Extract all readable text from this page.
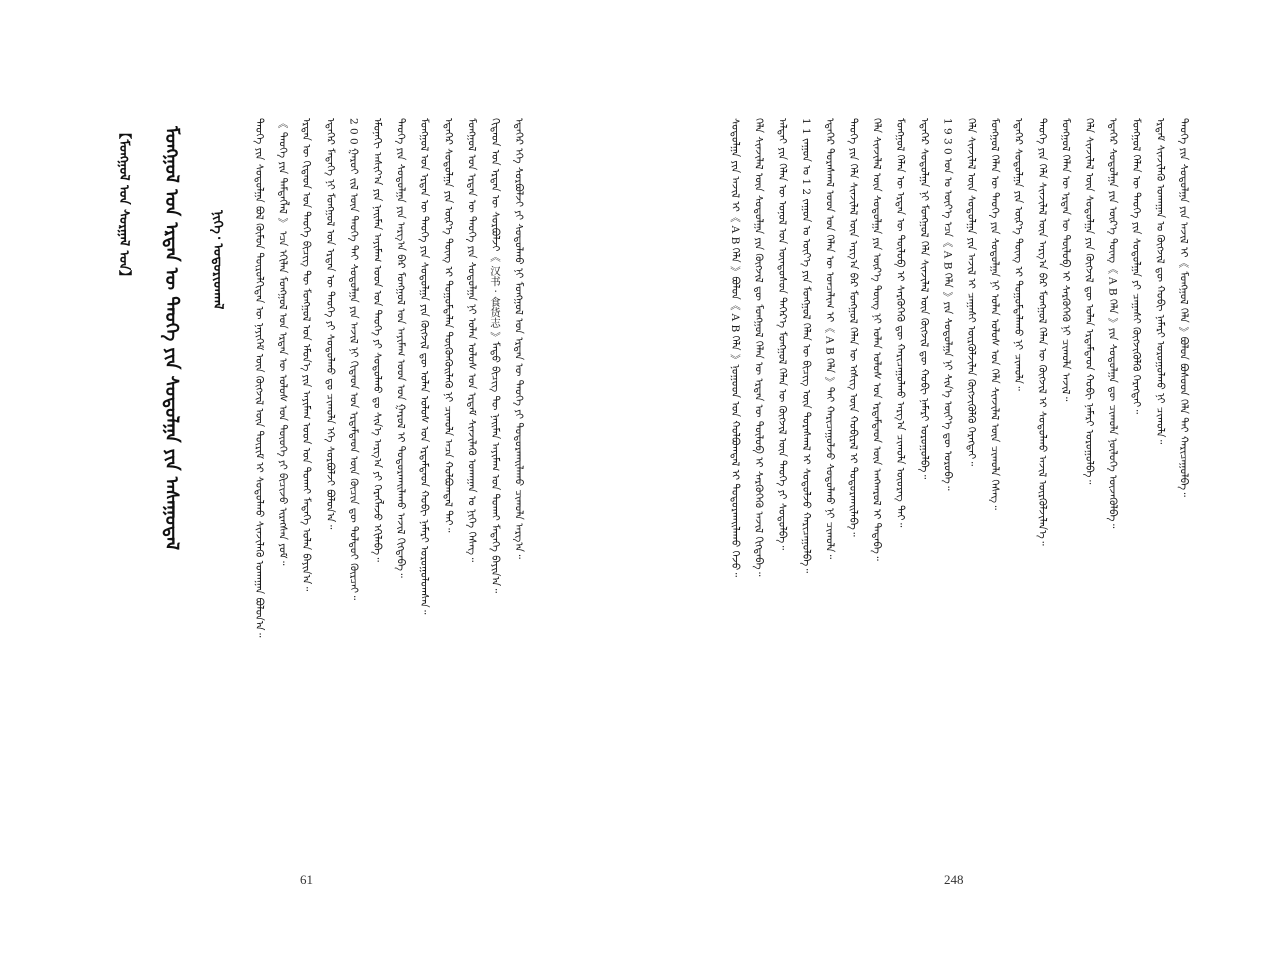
【ᠮᠣᠩᠭᠣᠯ ᠤᠨ ᠰᠤᠷᠭᠠᠯ ᠤᠨ】 ᠮᠣᠩᠭᠣᠯ ᠤᠨ ᠡᠷᠲᠡᠨ ᠦ ᠲᠡᠦᠬᠡ ᠶᠢᠨ ᠰᠤᠳᠤᠯᠭᠠ ᠶᠢᠨ ᠠᠰᠠᠭᠤᠳᠠᠯ	ᠨᠢᠭᠡ᠂ ᠤᠳᠤᠷᠢᠳᠬᠠᠯ	ᠲᠡᠦᠬᠡ ᠶᠢᠨ ᠰᠤᠳᠤᠯᠭᠠ ᠪᠣᠯ ᠬᠦᠮᠦᠨ ᠲᠥᠷᠦᠯᠬᠢᠲᠡᠨ ᠦ ᠨᠡᠶᠢᠭᠡᠮ ᠦᠨ ᠬᠥᠭᠵᠢᠯ ᠦᠨ ᠳᠦᠷᠢᠮ ᠢ ᠰᠤᠳᠤᠯᠬᠤ ᠰᠢᠨᠵᠢᠯᠡᠬᠦ ᠤᠬᠠᠭᠠᠨ ᠪᠣᠯᠤᠨ᠎ᠠ᠃ 《 ᠲᠡᠦᠬᠡ ᠶᠢᠨ ᠲᠡᠮᠳᠡᠭᠯᠡᠯ 》 ᠡᠴᠡ ᠡᠬᠢᠯᠡᠨ ᠮᠣᠩᠭᠣᠯ ᠤᠨ ᠡᠷᠲᠡᠨ ᠦ ᠤᠯᠤᠰ ᠤᠨ ᠲᠦᠦᠬᠡ ᠶᠢ ᠪᠢᠴᠢᠵᠦ ᠢᠷᠡᠭᠰᠡᠨ ᠶᠤᠮ᠃ ᠡᠷᠲᠡᠨ ᠦ ᠬᠢᠲᠠᠳ ᠤᠨ ᠲᠡᠦᠬᠡ ᠪᠢᠴᠢᠭ ᠲᠦ ᠮᠣᠩᠭᠣᠯ ᠤᠨ ᠡᠮᠦᠨ᠎ᠡ ᠶᠢᠨ ᠠᠶᠢᠮᠠᠭ ᠤᠳ ᠤᠨ ᠲᠤᠬᠠᠢ ᠮᠡᠳᠡᠭᠡ ᠣᠯᠠᠨ ᠪᠠᠶᠢᠨ᠎ᠠ᠃ ᠡᠳᠡᠭᠡᠷ ᠮᠡᠳᠡᠭᠡ ᠨᠢ ᠮᠣᠩᠭᠣᠯ ᠤᠨ ᠡᠷᠲᠡᠨ ᠦ ᠲᠡᠦᠬᠡ ᠶᠢ ᠰᠤᠳᠤᠯᠬᠤ ᠳᠤ ᠴᠢᠬᠤᠯᠠ ᠡᠬᠡ ᠰᠤᠷᠪᠤᠯᠵᠢ ᠪᠣᠯᠤᠨ᠎ᠠ᠃ 2 0 0 ᠭᠠᠷᠤᠢ ᠵᠢᠯ ᠦᠨ ᠲᠡᠦᠬᠡ ᠲᠡᠢ ᠰᠤᠳᠤᠯᠭᠠ ᠶᠢᠨ ᠠᠵᠢᠯ ᠨᠢ ᠬᠢᠲᠠᠳ ᠤᠨ ᠡᠷᠳᠡᠮᠲᠡᠳ ᠦᠨ ᠬᠦᠴᠢᠨ ᠳᠦ ᠳᠤᠯᠳᠤᠢ ᠬᠦᠷᠴᠡᠢ᠃ ᠡᠮᠦᠨᠡᠬᠢ ᠠᠰᠢᠶ᠎ᠠ ᠶᠢᠨ ᠨᠠᠢᠮᠠᠨ ᠠᠶᠢᠮᠠᠭ ᠤᠳ ᠤᠨ ᠲᠡᠦᠬᠡ ᠶᠢ ᠰᠤᠳᠤᠯᠬᠤ ᠳᠤ ᠰᠢᠨ᠎ᠡ ᠠᠷᠭ᠎ᠠ ᠶᠢ ᠬᠡᠷᠡᠭᠯᠡᠵᠦ ᠡᠬᠢᠯᠡᠪᠡ᠃ ᠲᠡᠦᠬᠡ ᠶᠢᠨ ᠰᠤᠳᠤᠯᠭᠠ ᠶᠢᠨ ᠠᠷᠭ᠎ᠠ ᠪᠠᠷ ᠮᠣᠩᠭᠣᠯ ᠤᠨ ᠠᠶᠢᠮᠠᠭ ᠤᠳ ᠤᠨ ᠭᠠᠷᠤᠯ ᠢ ᠲᠣᠳᠤᠷᠬᠠᠢᠯᠠᠬᠤ ᠠᠵᠢᠯ ᠬᠢᠭᠳᠡᠪᠡ᠃ ᠮᠣᠩᠭᠣᠯ ᠤᠨ ᠡᠷᠲᠡᠨ ᠦ ᠲᠡᠦᠬᠡ ᠶᠢᠨ ᠰᠤᠳᠤᠯᠭᠠ ᠶᠢᠨ ᠬᠥᠭᠵᠢᠯ ᠳᠦ ᠣᠯᠠᠨ ᠤᠯᠤᠰ ᠤᠨ ᠡᠷᠳᠡᠮᠲᠡᠳ ᠬᠤᠪᠢ ᠨᠡᠮᠡᠷᠢ ᠣᠷᠤᠭᠤᠯᠤᠭᠰᠠᠨ᠃ ᠡᠳᠡᠭᠡᠷ ᠰᠤᠳᠤᠯᠭᠠ ᠶᠢᠨ ᠦᠷ᠎ᠡ ᠳᠦᠩ ᠢ ᠲᠣᠭᠤᠮᠳᠠᠯᠠᠨ ᠳᠦᠭᠦᠨᠭᠦᠢᠯᠡᠬᠦ ᠨᠢ ᠴᠢᠬᠤᠯᠠ ᠠᠴᠠ ᠬᠣᠯᠪᠣᠭᠳᠠᠯ ᠲᠠᠢ᠃ ᠮᠣᠩᠭᠣᠯ ᠤᠨ ᠡᠷᠲᠡᠨ ᠦ ᠲᠡᠦᠬᠡ ᠶᠢᠨ ᠰᠤᠳᠤᠯᠭᠠ ᠨᠢ ᠣᠯᠠᠨ ᠤᠯᠤᠰ ᠤᠨ ᠡᠷᠳᠡᠮ ᠰᠢᠨᠵᠢᠯᠡᠬᠦ ᠤᠬᠠᠭᠠᠨ ᠤ ᠨᠢᠭᠡ ᠬᠡᠰᠡᠭ᠃ ᠬᠢᠲᠠᠳ ᠤᠨ ᠡᠷᠲᠡᠨ ᠦ ᠰᠤᠷᠪᠤᠯᠵᠢ《 汉书 · 食货志 》ᠮᠡᠲᠦ ᠪᠢᠴᠢᠭ ᠲᠦ ᠨᠠᠢᠮᠠᠨ ᠠᠶᠢᠮᠠᠭ ᠤᠨ ᠲᠤᠬᠠᠢ ᠮᠡᠳᠡᠭᠡ ᠪᠠᠶᠢᠨ᠎ᠠ᠃ ᠡᠳᠡᠭᠡᠷ ᠡᠬᠡ ᠰᠤᠷᠪᠤᠯᠵᠢ ᠶᠢ ᠰᠤᠳᠤᠯᠬᠤ ᠨᠢ ᠮᠣᠩᠭᠣᠯ ᠤᠨ ᠡᠷᠲᠡᠨ ᠦ ᠲᠡᠦᠬᠡ ᠶᠢ ᠲᠣᠳᠤᠷᠬᠠᠢᠯᠠᠬᠤ ᠴᠢᠬᠤᠯᠠ ᠠᠷᠭ᠎ᠠ᠃
61
ᠰᠤᠳᠤᠯᠭᠠ ᠶᠢᠨ ᠠᠵᠢᠯ ᠢ《 A B ᠬᠡᠯᠡ 》ᠪᠣᠯᠤᠨ《 A B ᠬᠡᠯᠡ 》ᠨᠤᠭᠤᠳ ᠤᠨ ᠬᠣᠯᠪᠣᠭᠳᠠᠯ ᠢ ᠲᠣᠳᠤᠷᠬᠠᠢᠯᠠᠬᠤ ᠭᠡᠵᠦ᠃ ᠬᠡᠯᠡ ᠰᠢᠨᠵᠢᠯᠡᠯ ᠦᠨ ᠰᠤᠳᠤᠯᠭᠠ ᠶᠢᠨ ᠬᠥᠭᠵᠢᠯ ᠳᠦ ᠮᠣᠩᠭᠣᠯ ᠬᠡᠯᠡᠨ ᠦ ᠡᠷᠲᠡᠨ ᠦ ᠲᠥᠯᠦᠪ ᠢ ᠰᠡᠷᠭᠦᠭᠡᠬᠦ ᠠᠵᠢᠯ ᠬᠢᠭᠳᠡᠪᠡ᠃ ᠠᠯᠲᠠᠢ ᠶᠢᠨ ᠬᠡᠯᠡᠨ ᠦ ᠣᠨᠣᠯ ᠤᠨ ᠦᠨᠳᠦᠰᠦᠨ ᠳᠡᠭᠡᠷ᠎ᠡ ᠮᠣᠩᠭᠣᠯ ᠬᠡᠯᠡᠨ ᠦ ᠬᠥᠭᠵᠢᠯ ᠦᠨ ᠲᠡᠦᠬᠡ ᠶᠢ ᠰᠤᠳᠤᠯᠪᠠ᠃ 1 1 ᠵᠠᠭᠤᠨ ᠤ 1 2 ᠵᠠᠭᠤᠨ ᠤ ᠦᠶ᠎ᠡ ᠶᠢᠨ ᠮᠣᠩᠭᠣᠯ ᠬᠡᠯᠡᠨ ᠦ ᠪᠢᠴᠢᠭ ᠦᠨ ᠳᠤᠷᠠᠰᠬᠠᠯ ᠢ ᠰᠤᠳᠤᠯᠵᠤ ᠬᠠᠷᠢᠴᠠᠭᠤᠯᠪᠠ᠃ ᠡᠳᠡᠭᠡᠷ ᠳᠤᠷᠠᠰᠬᠠᠯ ᠤᠳ ᠤᠨ ᠬᠡᠯᠡᠨ ᠦ ᠣᠨᠴᠠᠯᠢᠭ ᠢ《 A B ᠬᠡᠯᠡ 》ᠲᠡᠢ ᠬᠠᠷᠢᠴᠠᠭᠤᠯᠵᠤ ᠰᠤᠳᠤᠯᠬᠤ ᠨᠢ ᠴᠢᠬᠤᠯᠠ᠃ ᠲᠡᠦᠬᠡ ᠶᠢᠨ ᠬᠡᠯᠡ ᠰᠢᠨᠵᠢᠯᠡᠯ ᠦᠨ ᠠᠷᠭ᠎ᠠ ᠪᠠᠷ ᠮᠣᠩᠭᠣᠯ ᠬᠡᠯᠡᠨ ᠦ ᠡᠭᠰᠢᠭ ᠦᠨ ᠬᠤᠪᠢᠷᠠᠯ ᠢ ᠲᠣᠳᠤᠷᠬᠠᠢᠯᠠᠪᠠ᠃ ᠬᠡᠯᠡ ᠰᠢᠨᠵᠢᠯᠡᠯ ᠦᠨ ᠰᠤᠳᠤᠯᠭᠠ ᠶᠢᠨ ᠦᠷ᠎ᠡ ᠳᠦᠩ ᠨᠢ ᠣᠯᠠᠨ ᠤᠯᠤᠰ ᠤᠨ ᠡᠷᠳᠡᠮᠲᠡᠳ ᠦᠨ ᠠᠩᠬᠠᠷᠤᠯ ᠢ ᠲᠠᠲᠠᠪᠠ᠃ ᠮᠣᠩᠭᠣᠯ ᠬᠡᠯᠡᠨ ᠦ ᠡᠷᠲᠡᠨ ᠦ ᠲᠥᠯᠦᠪ ᠢ ᠰᠡᠷᠭᠦᠭᠡᠬᠦ ᠳᠦ ᠬᠠᠷᠢᠴᠠᠭᠤᠯᠬᠤ ᠠᠷᠭ᠎ᠠ ᠴᠢᠬᠤᠯᠠ ᠦᠦᠷᠡᠭ ᠲᠠᠢ᠃ ᠡᠳᠡᠭᠡᠷ ᠰᠤᠳᠤᠯᠭᠠ ᠨᠢ ᠮᠣᠩᠭᠣᠯ ᠬᠡᠯᠡ ᠰᠢᠨᠵᠢᠯᠡᠯ ᠦᠨ ᠬᠥᠭᠵᠢᠯ ᠳᠦ ᠬᠤᠪᠢ ᠨᠡᠮᠡᠷᠢ ᠣᠷᠤᠭᠤᠯᠪᠠ᠃ 1 9 3 0 ᠣᠨ ᠤ ᠦᠶ᠎ᠡ ᠡᠴᠡ《 A B ᠬᠡᠯᠡ 》ᠶᠢᠨ ᠰᠤᠳᠤᠯᠭᠠ ᠨᠢ ᠰᠢᠨ᠎ᠡ ᠦᠶ᠎ᠡ ᠳᠦ ᠣᠷᠤᠪᠠ᠃ ᠬᠡᠯᠡ ᠰᠢᠨᠵᠢᠯᠡᠯ ᠦᠨ ᠰᠤᠳᠤᠯᠭᠠ ᠶᠢᠨ ᠠᠵᠢᠯ ᠢ ᠴᠠᠭᠠᠰᠢ ᠦᠷᠭᠦᠯᠵᠢᠯᠡᠨ ᠬᠥᠭᠵᠢᠭᠦᠯᠬᠦ ᠬᠡᠷᠡᠭᠲᠡᠢ᠃ ᠮᠣᠩᠭᠣᠯ ᠬᠡᠯᠡᠨ ᠦ ᠲᠡᠦᠬᠡ ᠶᠢᠨ ᠰᠤᠳᠤᠯᠭᠠ ᠨᠢ ᠣᠯᠠᠨ ᠤᠯᠤᠰ ᠤᠨ ᠬᠡᠯᠡ ᠰᠢᠨᠵᠢᠯᠡᠯ ᠦᠨ ᠴᠢᠬᠤᠯᠠ ᠬᠡᠰᠡᠭ᠃ ᠡᠳᠡᠭᠡᠷ ᠰᠤᠳᠤᠯᠭᠠ ᠶᠢᠨ ᠦᠷ᠎ᠡ ᠳᠦᠩ ᠢ ᠲᠣᠭᠤᠮᠳᠠᠯᠠᠬᠤ ᠨᠢ ᠴᠢᠬᠤᠯᠠ᠃ ᠲᠡᠦᠬᠡ ᠶᠢᠨ ᠬᠡᠯᠡ ᠰᠢᠨᠵᠢᠯᠡᠯ ᠦᠨ ᠠᠷᠭ᠎ᠠ ᠪᠠᠷ ᠮᠣᠩᠭᠣᠯ ᠬᠡᠯᠡᠨ ᠦ ᠬᠥᠭᠵᠢᠯ ᠢ ᠰᠤᠳᠤᠯᠬᠤ ᠠᠵᠢᠯ ᠦᠷᠭᠦᠯᠵᠢᠯᠡᠨ᠎ᠡ᠃ ᠮᠣᠩᠭᠣᠯ ᠬᠡᠯᠡᠨ ᠦ ᠡᠷᠲᠡᠨ ᠦ ᠲᠥᠯᠦᠪ ᠢ ᠰᠡᠷᠭᠦᠭᠡᠬᠦ ᠨᠢ ᠴᠢᠬᠤᠯᠠ ᠠᠵᠢᠯ᠃ ᠬᠡᠯᠡ ᠰᠢᠨᠵᠢᠯᠡᠯ ᠦᠨ ᠰᠤᠳᠤᠯᠭᠠ ᠶᠢᠨ ᠬᠥᠭᠵᠢᠯ ᠳᠦ ᠣᠯᠠᠨ ᠡᠷᠳᠡᠮᠲᠡᠳ ᠬᠤᠪᠢ ᠨᠡᠮᠡᠷᠢ ᠣᠷᠤᠭᠤᠯᠪᠠ᠃ ᠡᠳᠡᠭᠡᠷ ᠰᠤᠳᠤᠯᠭᠠ ᠶᠢᠨ ᠦᠷ᠎ᠡ ᠳᠦᠩ《 A B ᠬᠡᠯᠡ 》ᠶᠢᠨ ᠰᠤᠳᠤᠯᠭᠠ ᠳᠦ ᠴᠢᠬᠤᠯᠠ ᠨᠥᠯᠦᠭᠡ ᠦᠵᠡᠭᠦᠯᠪᠡ᠃ ᠮᠣᠩᠭᠣᠯ ᠬᠡᠯᠡᠨ ᠦ ᠲᠡᠦᠬᠡ ᠶᠢᠨ ᠰᠤᠳᠤᠯᠭᠠ ᠶᠢ ᠴᠠᠭᠠᠰᠢ ᠬᠥᠭᠵᠢᠭᠦᠯᠬᠦ ᠬᠡᠷᠡᠭᠲᠡᠢ᠃ ᠡᠷᠳᠡᠮ ᠰᠢᠨᠵᠢᠯᠡᠬᠦ ᠤᠬᠠᠭᠠᠨ ᠤ ᠬᠥᠭᠵᠢᠯ ᠳᠦ ᠬᠤᠪᠢ ᠨᠡᠮᠡᠷᠢ ᠣᠷᠤᠭᠤᠯᠬᠤ ᠨᠢ ᠴᠢᠬᠤᠯᠠ᠃ ᠲᠡᠦᠬᠡ ᠶᠢᠨ ᠰᠤᠳᠤᠯᠭᠠ ᠶᠢᠨ ᠠᠵᠢᠯ ᠢ《 ᠮᠣᠩᠭᠣᠯ ᠬᠡᠯᠡ 》ᠪᠣᠯᠤᠨ ᠪᠤᠰᠤᠳ ᠬᠡᠯᠡ ᠲᠡᠢ ᠬᠠᠷᠢᠴᠠᠭᠤᠯᠪᠠ᠃
248
